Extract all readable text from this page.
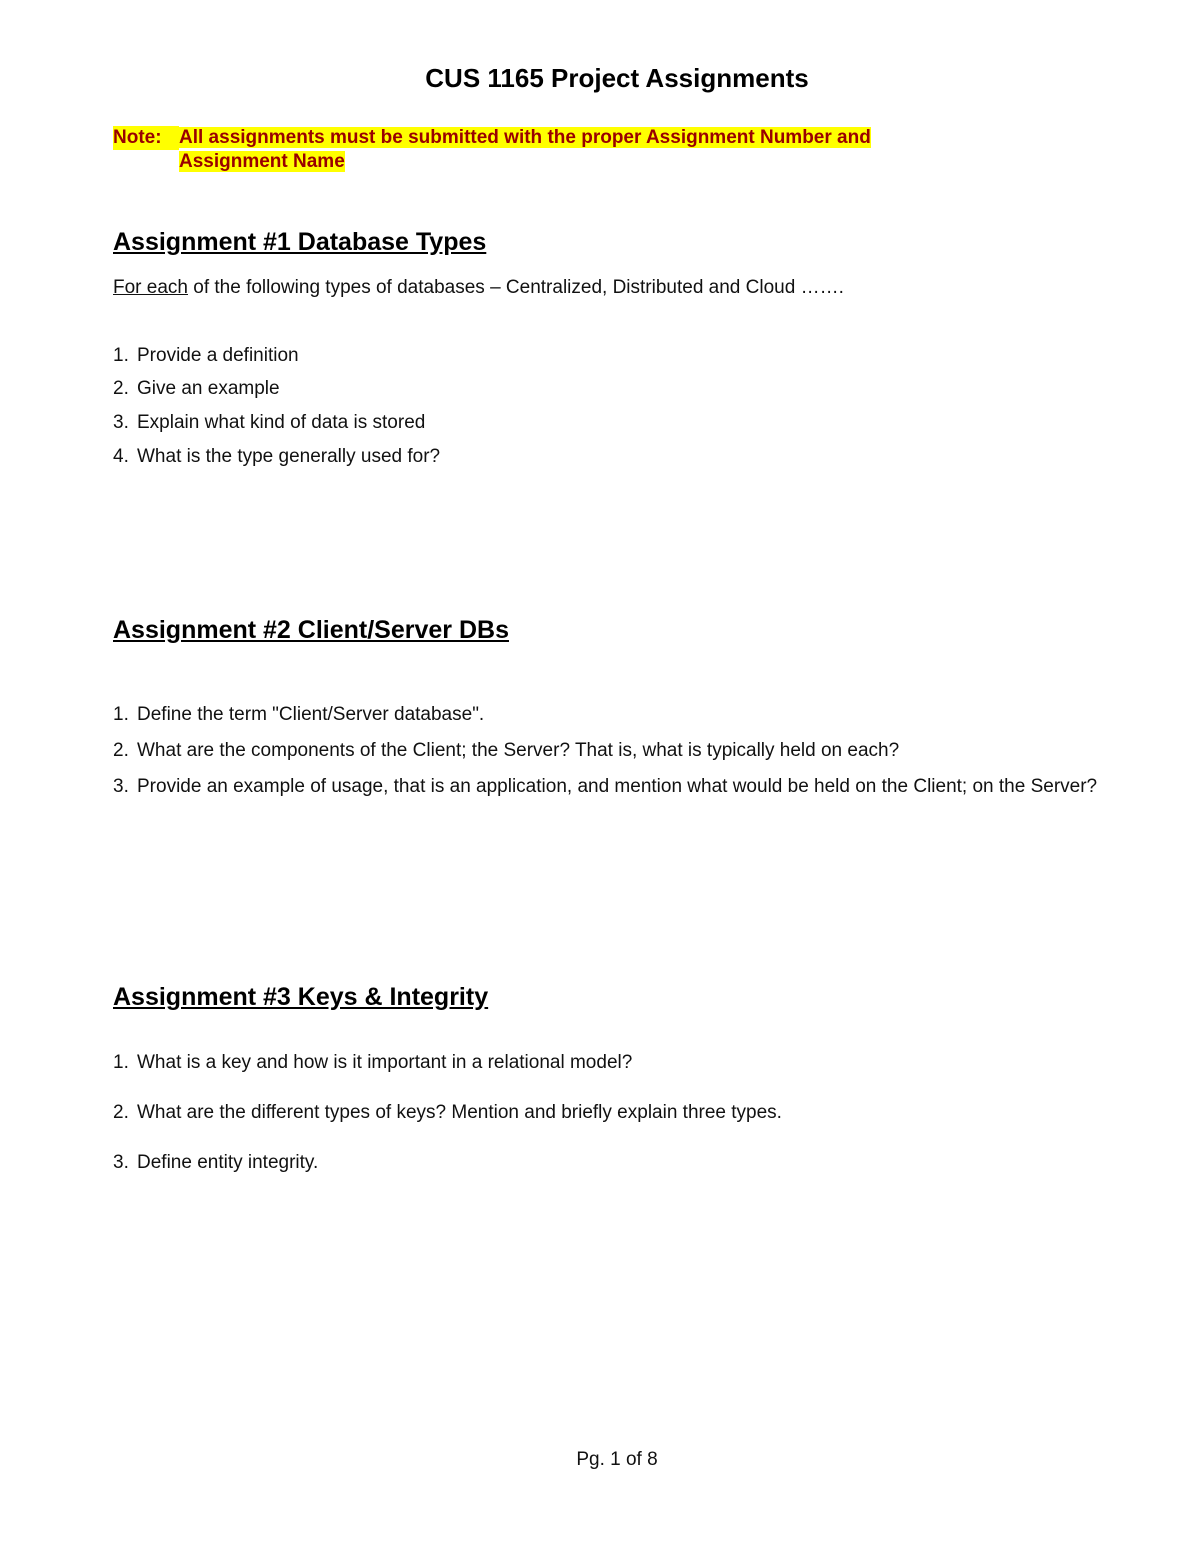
CUS 1165 Project Assignments
Note: All assignments must be submitted with the proper Assignment Number and
Assignment Name
Assignment #1 Database Types
For each of the following types of databases – Centralized, Distributed and Cloud …….
1. Provide a definition
2. Give an example
3. Explain what kind of data is stored
4. What is the type generally used for?
Assignment #2 Client/Server DBs
1. Define the term "Client/Server database".
2. What are the components of the Client; the Server? That is, what is typically held on each?
3. Provide an example of usage, that is an application, and mention what would be held on the Client; on the Server?
Assignment #3 Keys & Integrity
1. What is a key and how is it important in a relational model?
2. What are the different types of keys? Mention and briefly explain three types.
3. Define entity integrity.
Pg. 1 of 8
